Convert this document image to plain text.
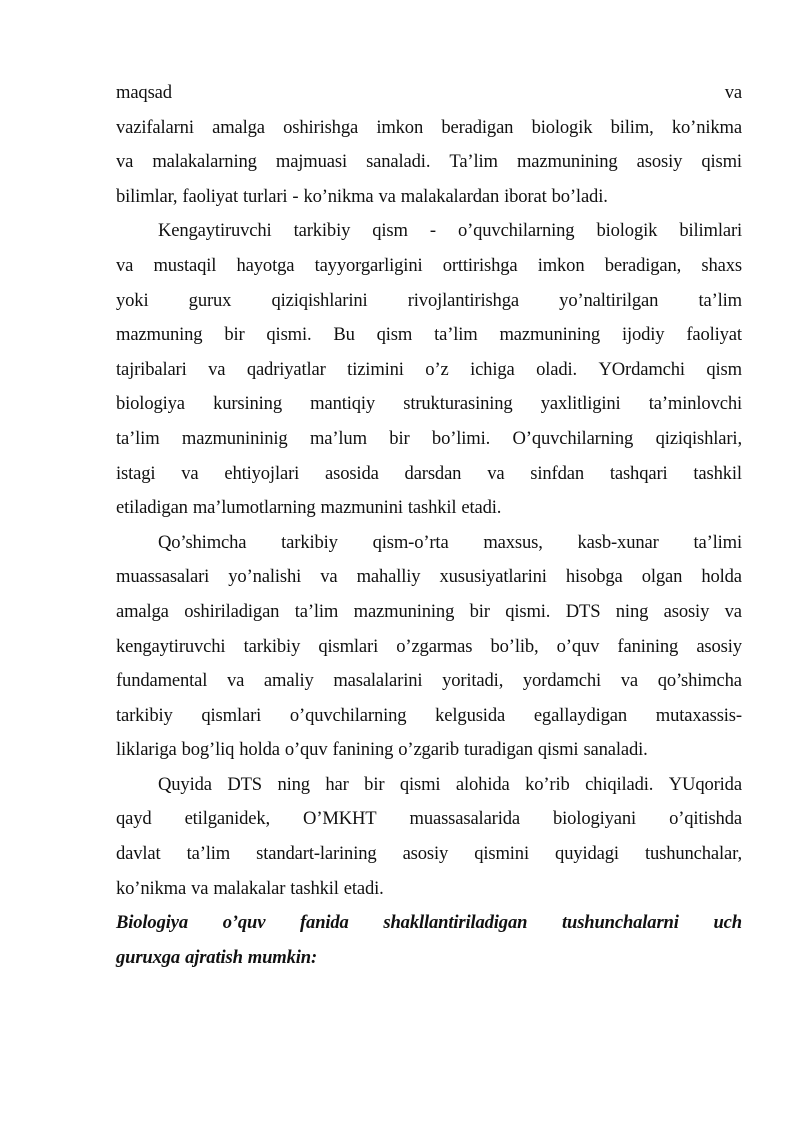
maqsad	va
vazifalarni amalga oshirishga imkon beradigan biologik bilim, ko’nikma
va malakalarning majmuasi sanaladi. Ta’lim mazmunining asosiy qismi
bilimlar, faoliyat turlari - ko’nikma va malakalardan iborat bo’ladi.
Kengaytiruvchi tarkibiy qism - o’quvchilarning biologik bilimlari
va mustaqil hayotga tayyorgarligini orttirishga imkon beradigan, shaxs
yoki gurux qiziqishlarini rivojlantirishga yo’naltirilgan ta’lim
mazmuning bir qismi. Bu qism ta’lim mazmunining ijodiy faoliyat
tajribalari va qadriyatlar tizimini o’z ichiga oladi. YOrdamchi qism
biologiya kursining mantiqiy strukturasining yaxlitligini ta’minlovchi
ta’lim mazmunininig ma’lum bir bo’limi. O’quvchilarning qiziqishlari,
istagi va ehtiyojlari asosida darsdan va sinfdan tashqari tashkil
etiladigan ma’lumotlarning mazmunini tashkil etadi.
Qo’shimcha tarkibiy qism-o’rta maxsus, kasb-xunar ta’limi
muassasalari yo’nalishi va mahalliy xususiyatlarini hisobga olgan holda
amalga oshiriladigan ta’lim mazmunining bir qismi. DTS ning asosiy va
kengaytiruvchi tarkibiy qismlari o’zgarmas bo’lib, o’quv fanining asosiy
fundamental va amaliy masalalarini yoritadi, yordamchi va qo’shimcha
tarkibiy qismlari o’quvchilarning kelgusida egallaydigan mutaxassis-
liklariga bog’liq holda o’quv fanining o’zgarib turadigan qismi sanaladi.
Quyida DTS ning har bir qismi alohida ko’rib chiqiladi. YUqorida
qayd etilganidek, O’MKHT muassasalarida biologiyani o’qitishda
davlat ta’lim standart-larining asosiy qismini quyidagi tushunchalar,
ko’nikma va malakalar tashkil etadi.
Biologiya o’quv fanida shakllantiriladigan tushunchalarni uch
guruxga ajratish mumkin:
